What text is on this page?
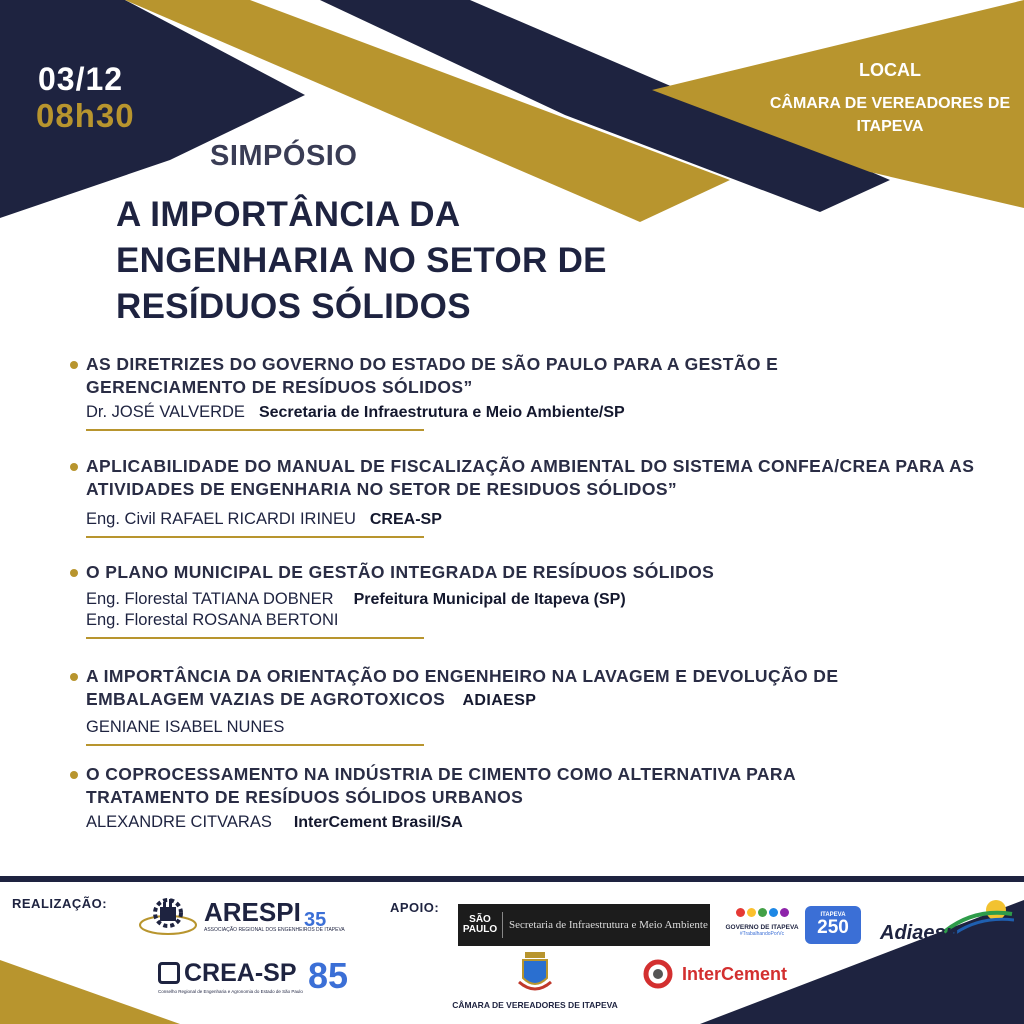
03/12
08h30
LOCAL
CÂMARA DE VEREADORES DE ITAPEVA
SIMPÓSIO
A IMPORTÂNCIA DA ENGENHARIA NO SETOR DE RESÍDUOS SÓLIDOS
AS DIRETRIZES DO GOVERNO DO ESTADO DE SÃO PAULO PARA A GESTÃO E GERENCIAMENTO DE RESÍDUOS SÓLIDOS”
Dr. JOSÉ VALVERDE Secretaria de Infraestrutura e Meio Ambiente/SP
APLICABILIDADE DO MANUAL DE FISCALIZAÇÃO AMBIENTAL DO SISTEMA CONFEA/CREA PARA AS ATIVIDADES DE ENGENHARIA NO SETOR DE RESIDUOS SÓLIDOS”
Eng. Civil RAFAEL RICARDI IRINEU CREA-SP
O PLANO MUNICIPAL DE GESTÃO INTEGRADA DE RESÍDUOS SÓLIDOS
Eng. Florestal TATIANA DOBNER Prefeitura Municipal de Itapeva (SP)
Eng. Florestal ROSANA BERTONI
A IMPORTÂNCIA DA ORIENTAÇÃO DO ENGENHEIRO NA LAVAGEM E DEVOLUÇÃO DE
EMBALAGEM VAZIAS DE AGROTOXICOS ADIAESP
GENIANE ISABEL NUNES
O COPROCESSAMENTO NA INDÚSTRIA DE CIMENTO COMO ALTERNATIVA PARA TRATAMENTO DE RESÍDUOS SÓLIDOS URBANOS
ALEXANDRE CITVARAS InterCement Brasil/SA
REALIZAÇÃO:	APOIO:
ARESPI 35
ASSOCIAÇÃO REGIONAL DOS ENGENHEIROS DE ITAPEVA
CREA-SP 85
Conselho Regional de Engenharia e Agronomia do Estado de São Paulo
SÃO
PAULO	Secretaria de Infraestrutura e Meio Ambiente	GOVERNO DE ITAPEVA
#TrabalhandoPorVc
ITAPEVA
250 Adiaesp
CÂMARA DE VEREADORES DE ITAPEVA
InterCement
